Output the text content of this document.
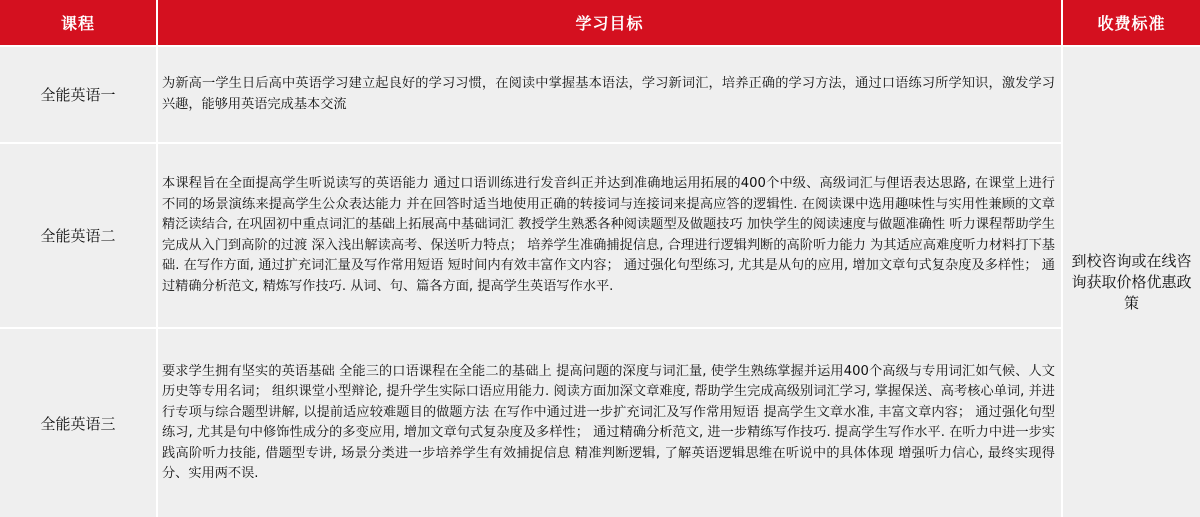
课程	学习目标	收费标准
全能英语一
为新高一学生日后高中英语学习建立起良好的学习习惯，在阅读中掌握基本语法，学习新词汇，培养正确的学习方法，通过口语练习所学知识，激发学习兴趣，能够用英语完成基本交流
全能英语二
本课程旨在全面提高学生听说读写的英语能力 通过口语训练进行发音纠正并达到准确地运用拓展的400个中级、高级词汇与俚语表达思路, 在课堂上进行不同的场景演练来提高学生公众表达能力 并在回答时适当地使用正确的转接词与连接词来提高应答的逻辑性. 在阅读课中选用趣味性与实用性兼顾的文章 精泛读结合, 在巩固初中重点词汇的基础上拓展高中基础词汇 教授学生熟悉各种阅读题型及做题技巧 加快学生的阅读速度与做题准确性 听力课程帮助学生完成从入门到高阶的过渡 深入浅出解读高考、保送听力特点； 培养学生准确捕捉信息, 合理进行逻辑判断的高阶听力能力 为其适应高难度听力材料打下基础. 在写作方面, 通过扩充词汇量及写作常用短语 短时间内有效丰富作文内容； 通过强化句型练习, 尤其是从句的应用, 增加文章句式复杂度及多样性； 通过精确分析范文, 精炼写作技巧. 从词、句、篇各方面, 提高学生英语写作水平.
全能英语三
要求学生拥有坚实的英语基础 全能三的口语课程在全能二的基础上 提高问题的深度与词汇量, 使学生熟练掌握并运用400个高级与专用词汇如气候、人文历史等专用名词； 组织课堂小型辩论, 提升学生实际口语应用能力. 阅读方面加深文章难度, 帮助学生完成高级别词汇学习, 掌握保送、高考核心单词, 并进行专项与综合题型讲解, 以提前适应较难题目的做题方法 在写作中通过进一步扩充词汇及写作常用短语 提高学生文章水准, 丰富文章内容； 通过强化句型练习, 尤其是句中修饰性成分的多变应用, 增加文章句式复杂度及多样性； 通过精确分析范文, 进一步精练写作技巧. 提高学生写作水平. 在听力中进一步实践高阶听力技能, 借题型专讲, 场景分类进一步培养学生有效捕捉信息 精准判断逻辑, 了解英语逻辑思维在听说中的具体体现 增强听力信心, 最终实现得分、实用两不误.
到校咨询或在线咨询获取价格优惠政策
